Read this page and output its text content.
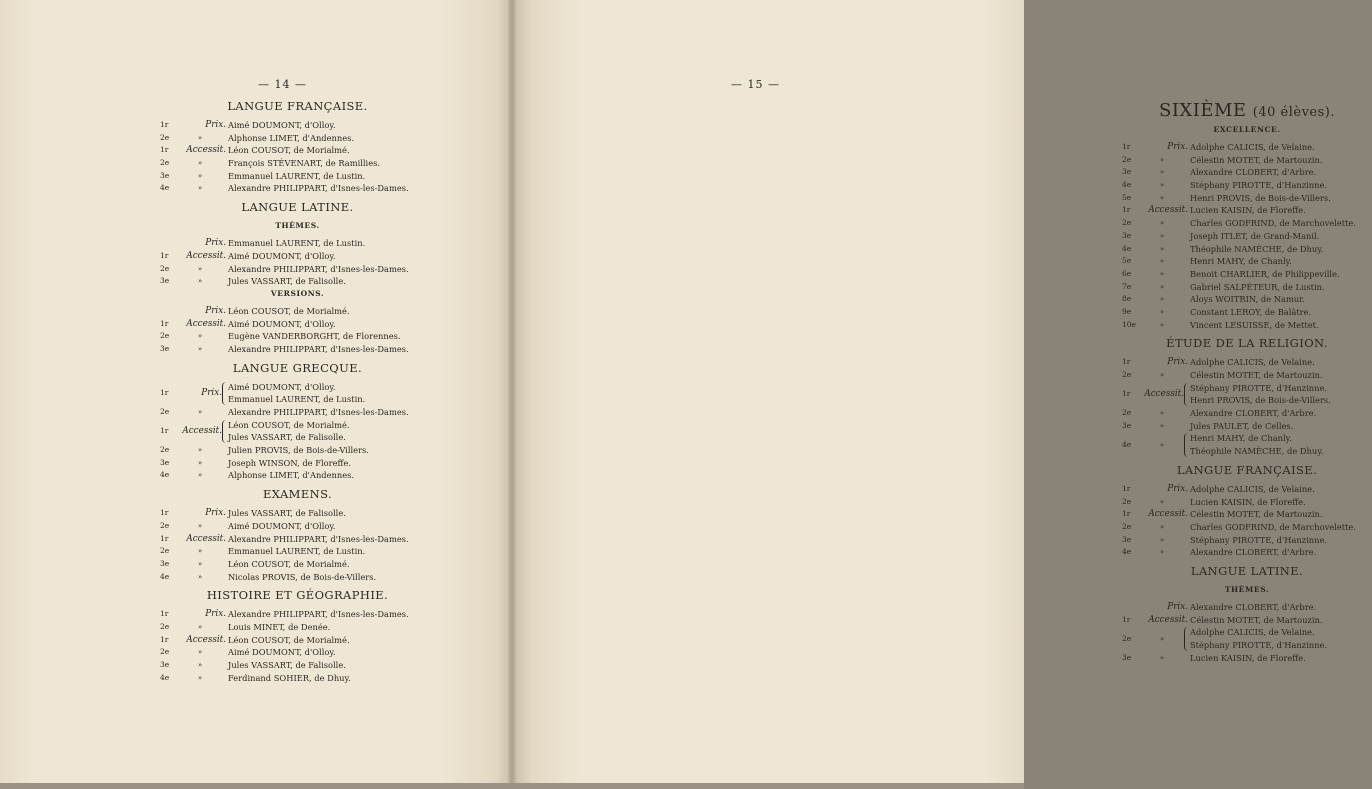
— 14 —
LANGUE FRANÇAISE.
1r	Prix. Aimé DOUMONT, d'Olloy.
2e	»	Alphonse LIMET, d'Andennes.
1r	Accessit. Léon COUSOT, de Morialmé.
2e	»	François STÉVENART, de Ramillies.
3e	»	Emmanuel LAURENT, de Lustin.
4e	»	Alexandre PHILIPPART, d'Isnes-les-Dames.
LANGUE LATINE.
THÈMES.
Prix. Emmanuel LAURENT, de Lustin.
1r	Accessit. Aimé DOUMONT, d'Olloy.
2e	»	Alexandre PHILIPPART, d'Isnes-les-Dames.
3e	»	Jules VASSART, de Falisolle.
VERSIONS.
Prix. Léon COUSOT, de Morialmé.
1r	Accessit. Aimé DOUMONT, d'Olloy.
2e	»	Eugène VANDERBORGHT, de Florennes.
3e	»	Alexandre PHILIPPART, d'Isnes-les-Dames.
LANGUE GRECQUE.
1r	Prix.
Aimé DOUMONT, d'Olloy.
Emmanuel LAURENT, de Lustin.
2e	»	Alexandre PHILIPPART, d'Isnes-les-Dames.
1r	Accessit.
Léon COUSOT, de Morialmé.
Jules VASSART, de Falisolle.
2e	»	Julien PROVIS, de Bois-de-Villers.
3e	»	Joseph WINSON, de Floreffe.
4e	»	Alphonse LIMET, d'Andennes.
EXAMENS.
1r	Prix. Jules VASSART, de Falisolle.
2e	»	Aimé DOUMONT, d'Olloy.
1r	Accessit. Alexandre PHILIPPART, d'Isnes-les-Dames.
2e	»	Emmanuel LAURENT, de Lustin.
3e	»	Léon COUSOT, de Morialmé.
4e	»	Nicolas PROVIS, de Bois-de-Villers.
HISTOIRE ET GÉOGRAPHIE.
1r	Prix. Alexandre PHILIPPART, d'Isnes-les-Dames.
2e	»	Louis MINET, de Denée.
1r	Accessit. Léon COUSOT, de Morialmé.
2e	»	Aimé DOUMONT, d'Olloy.
3e	»	Jules VASSART, de Falisolle.
4e	»	Ferdinand SOHIER, de Dhuy.
— 15 —
SIXIÈME (40 élèves).
EXCELLENCE.
1r	Prix. Adolphe CALICIS, de Velaine.
2e	»	Célestin MOTET, de Martouzin.
3e	»	Alexandre CLOBERT, d'Arbre.
4e	»	Stéphany PIROTTE, d'Hanzinne.
5e	»	Henri PROVIS, de Bois-de-Villers.
1r	Accessit. Lucien KAISIN, de Floreffe.
2e	»	Charles GODFRIND, de Marchovelette.
3e	»	Joseph ITLET, de Grand-Manil.
4e	»	Théophile NAMÈCHE, de Dhuy.
5e	»	Henri MAHY, de Chanly.
6e	»	Benoit CHARLIER, de Philippeville.
7e	»	Gabriel SALPÉTEUR, de Lustin.
8e	»	Aloys WOITRIN, de Namur.
9e	»	Constant LEROY, de Balâtre.
10e	»	Vincent LESUISSE, de Mettet.
ÉTUDE DE LA RELIGION.
1r	Prix. Adolphe CALICIS, de Velaine.
2e	»	Célestin MOTET, de Martouzin.
1r	Accessit.
Stéphany PIROTTE, d'Hanzinne.
Henri PROVIS, de Bois-de-Villers.
2e	»	Alexandre CLOBERT, d'Arbre.
3e	»	Jules PAULET, de Celles.
4e	»
Henri MAHY, de Chanly.
Théophile NAMÈCHE, de Dhuy.
LANGUE FRANÇAISE.
1r	Prix. Adolphe CALICIS, de Velaine.
2e	»	Lucien KAISIN, de Floreffe.
1r	Accessit. Célestin MOTET, de Martouzin.
2e	»	Charles GODFRIND, de Marchovelette.
3e	»	Stéphany PIROTTE, d'Hanzinne.
4e	»	Alexandre CLOBERT, d'Arbre.
LANGUE LATINE.
THÈMES.
Prix. Alexandre CLOBERT, d'Arbre.
1r	Accessit. Célestin MOTET, de Martouzin.
2e	»
Adolphe CALICIS, de Velaine.
Stéphany PIROTTE, d'Hanzinne.
3e	»	Lucien KAISIN, de Floreffe.
